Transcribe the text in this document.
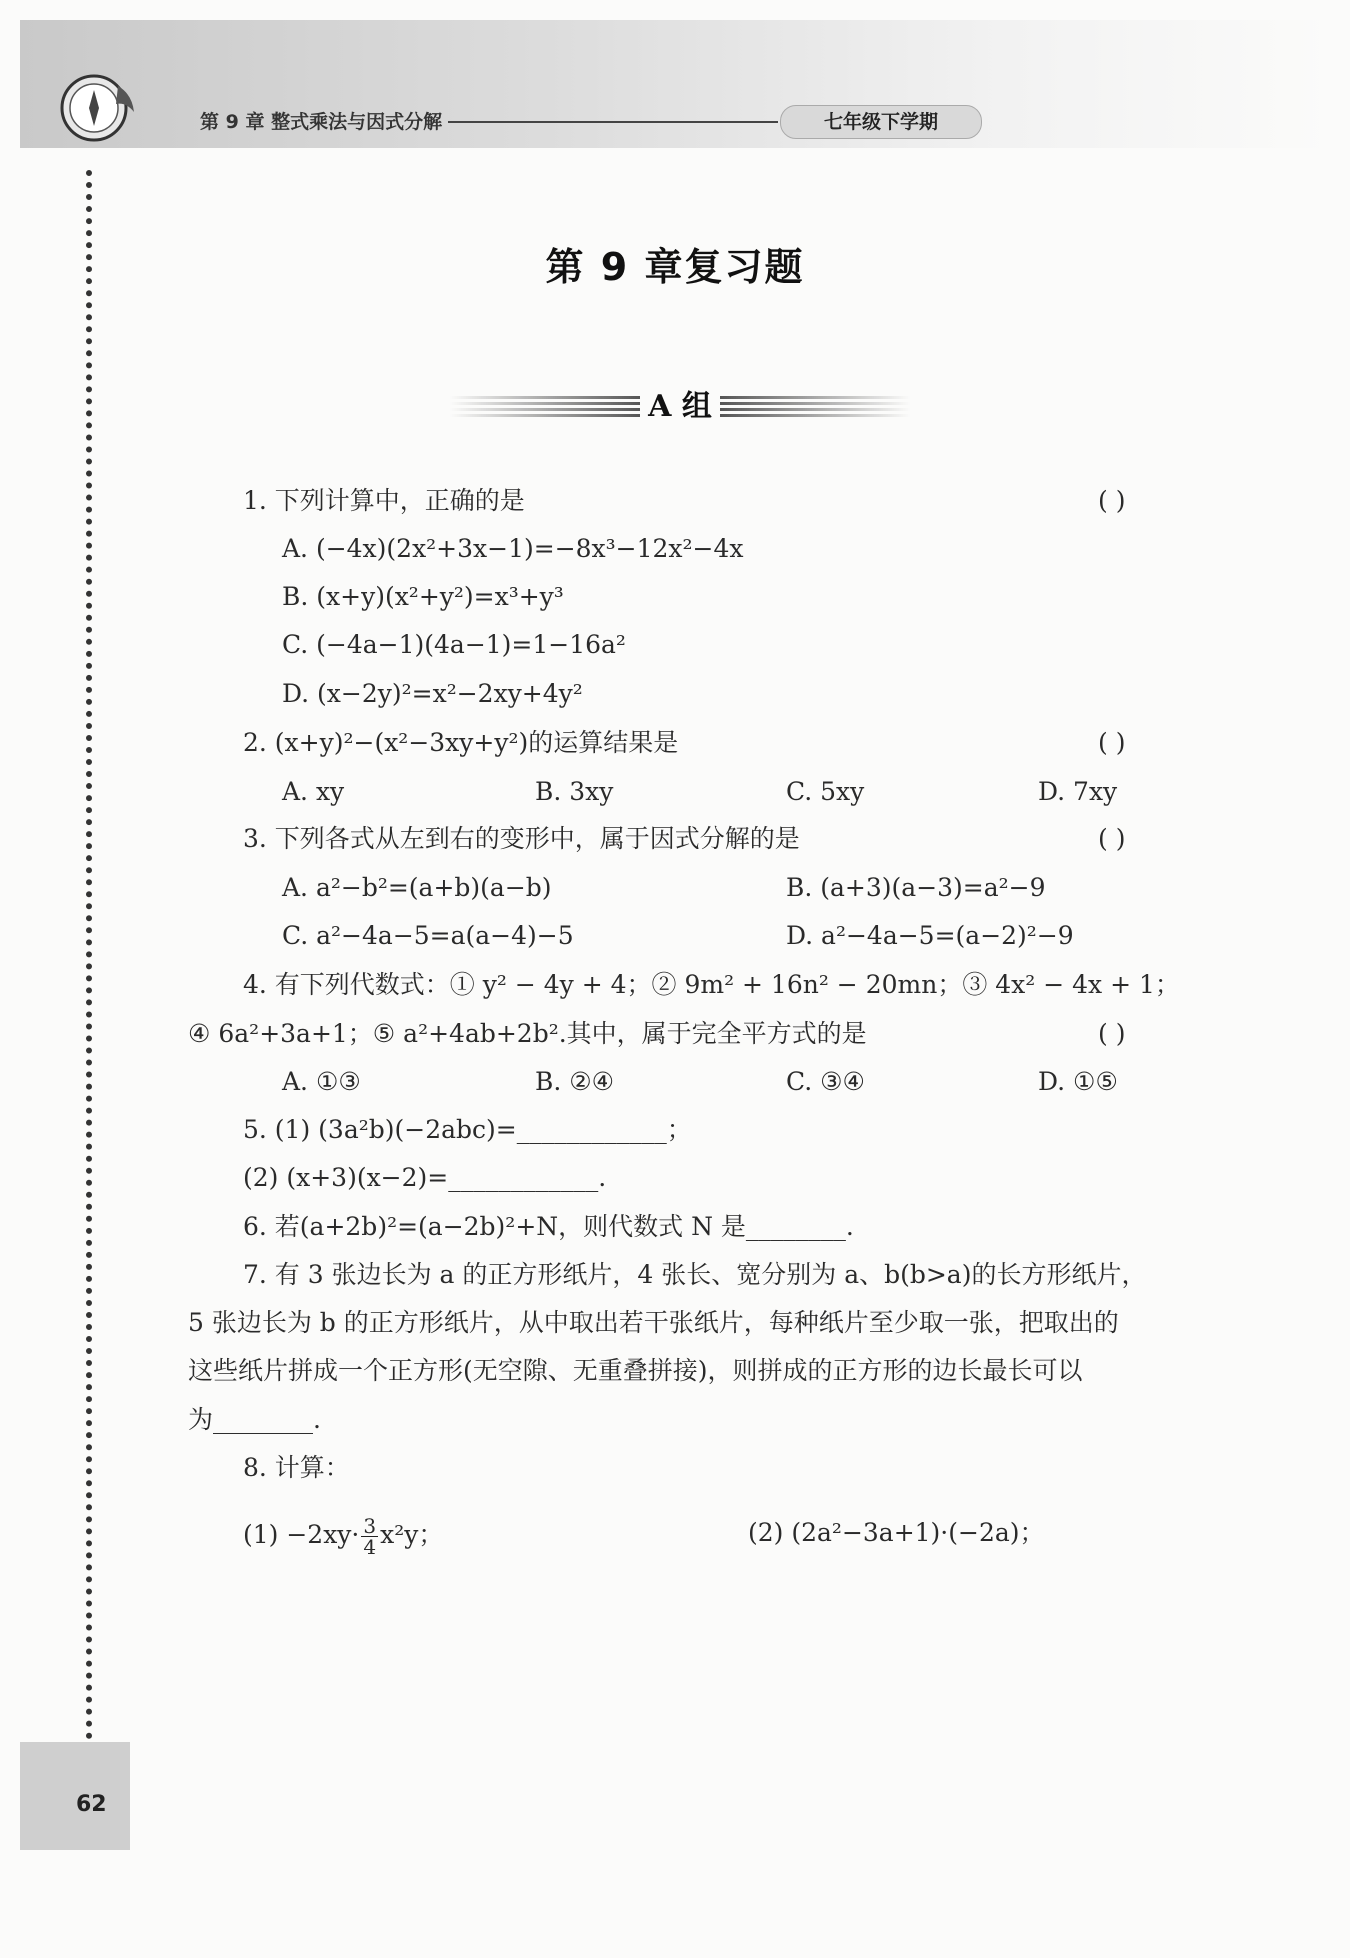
第 9 章 整式乘法与因式分解	七年级下学期
62
第 9 章复习题
A 组
1. 下列计算中，正确的是	( )
A. (−4x)(2x²+3x−1)=−8x³−12x²−4x
B. (x+y)(x²+y²)=x³+y³
C. (−4a−1)(4a−1)=1−16a²
D. (x−2y)²=x²−2xy+4y²
2. (x+y)²−(x²−3xy+y²)的运算结果是	( )
A. xy	B. 3xy	C. 5xy	D. 7xy
3. 下列各式从左到右的变形中，属于因式分解的是	( )
A. a²−b²=(a+b)(a−b)	B. (a+3)(a−3)=a²−9
C. a²−4a−5=a(a−4)−5	D. a²−4a−5=(a−2)²−9
4. 有下列代数式：① y² − 4y + 4；② 9m² + 16n² − 20mn；③ 4x² − 4x + 1；
④ 6a²+3a+1；⑤ a²+4ab+2b².其中，属于完全平方式的是	( )
A. ①③	B. ②④	C. ③④	D. ①⑤
5. (1) (3a²b)(−2abc)=____________；
(2) (x+3)(x−2)=____________.
6. 若(a+2b)²=(a−2b)²+N，则代数式 N 是________.
7. 有 3 张边长为 a 的正方形纸片，4 张长、宽分别为 a、b(b>a)的长方形纸片，
5 张边长为 b 的正方形纸片，从中取出若干张纸片，每种纸片至少取一张，把取出的
这些纸片拼成一个正方形(无空隙、无重叠拼接)，则拼成的正方形的边长最长可以
为________.
8. 计算：
$(1) -2xy\cdot \frac{3}{4} x^2y$；	(2) (2a²−3a+1)·(−2a)；
